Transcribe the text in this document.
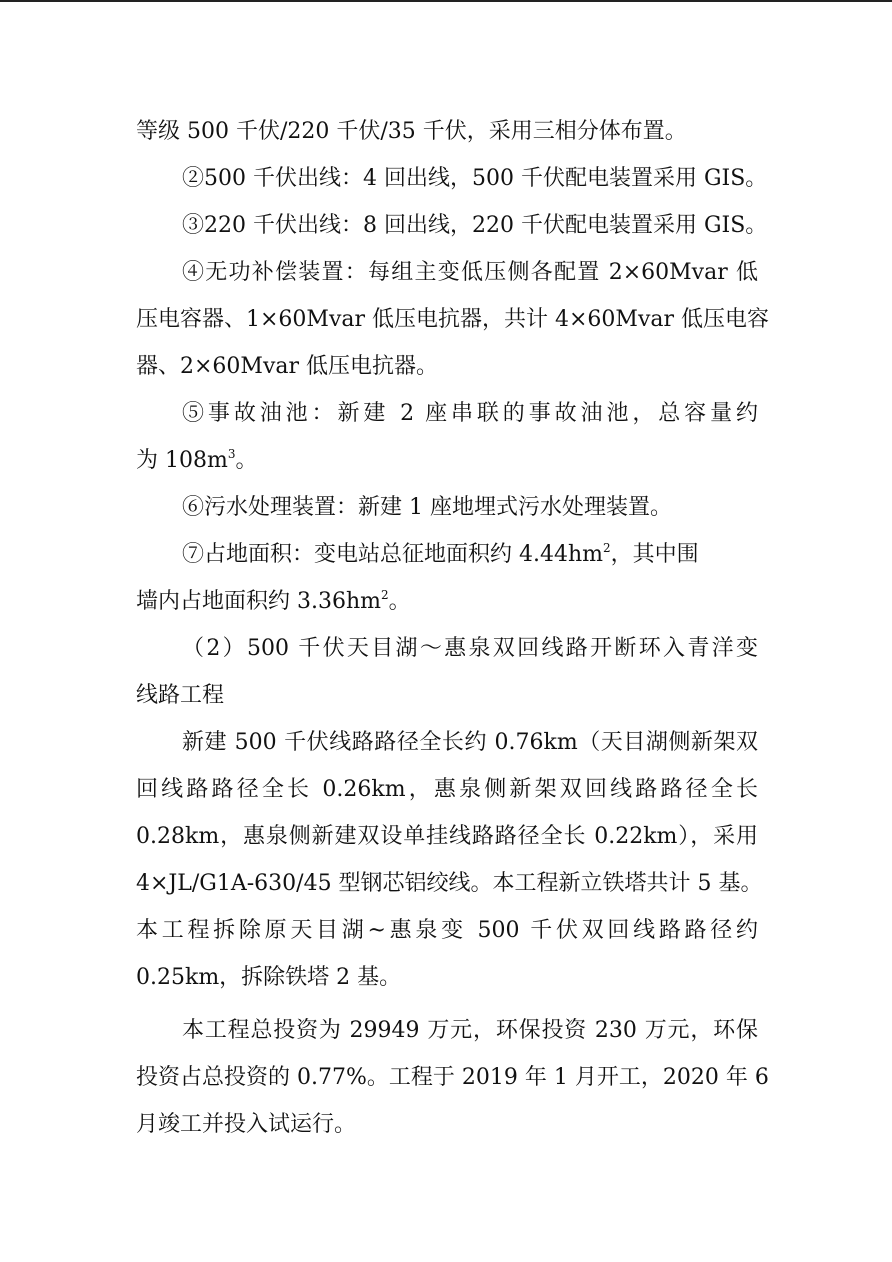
等级 500 千伏/220 千伏/35 千伏，采用三相分体布置。
②500 千伏出线：4 回出线，500 千伏配电装置采用 GIS。
③220 千伏出线：8 回出线，220 千伏配电装置采用 GIS。
④无功补偿装置：每组主变低压侧各配置 2×60Mvar 低
压电容器、1×60Mvar 低压电抗器，共计 4×60Mvar 低压电容
器、2×60Mvar 低压电抗器。
⑤事故油池：新建 2 座串联的事故油池，总容量约
为 $108m^3$。
⑥污水处理装置：新建 1 座地埋式污水处理装置。
⑦占地面积：变电站总征地面积约 $4.44hm^2$，其中围
墙内占地面积约 $3.36hm^2$。
（2）500 千伏天目湖～惠泉双回线路开断环入青洋变
线路工程
新建 500 千伏线路路径全长约 0.76km（天目湖侧新架双
回线路路径全长 0.26km，惠泉侧新架双回线路路径全长
0.28km，惠泉侧新建双设单挂线路路径全长 0.22km），采用
4×JL/G1A-630/45 型钢芯铝绞线。本工程新立铁塔共计 5 基。
本工程拆除原天目湖~惠泉变 500 千伏双回线路路径约
0.25km，拆除铁塔 2 基。
本工程总投资为 29949 万元，环保投资 230 万元，环保
投资占总投资的 0.77%。工程于 2019 年 1 月开工，2020 年 6
月竣工并投入试运行。
